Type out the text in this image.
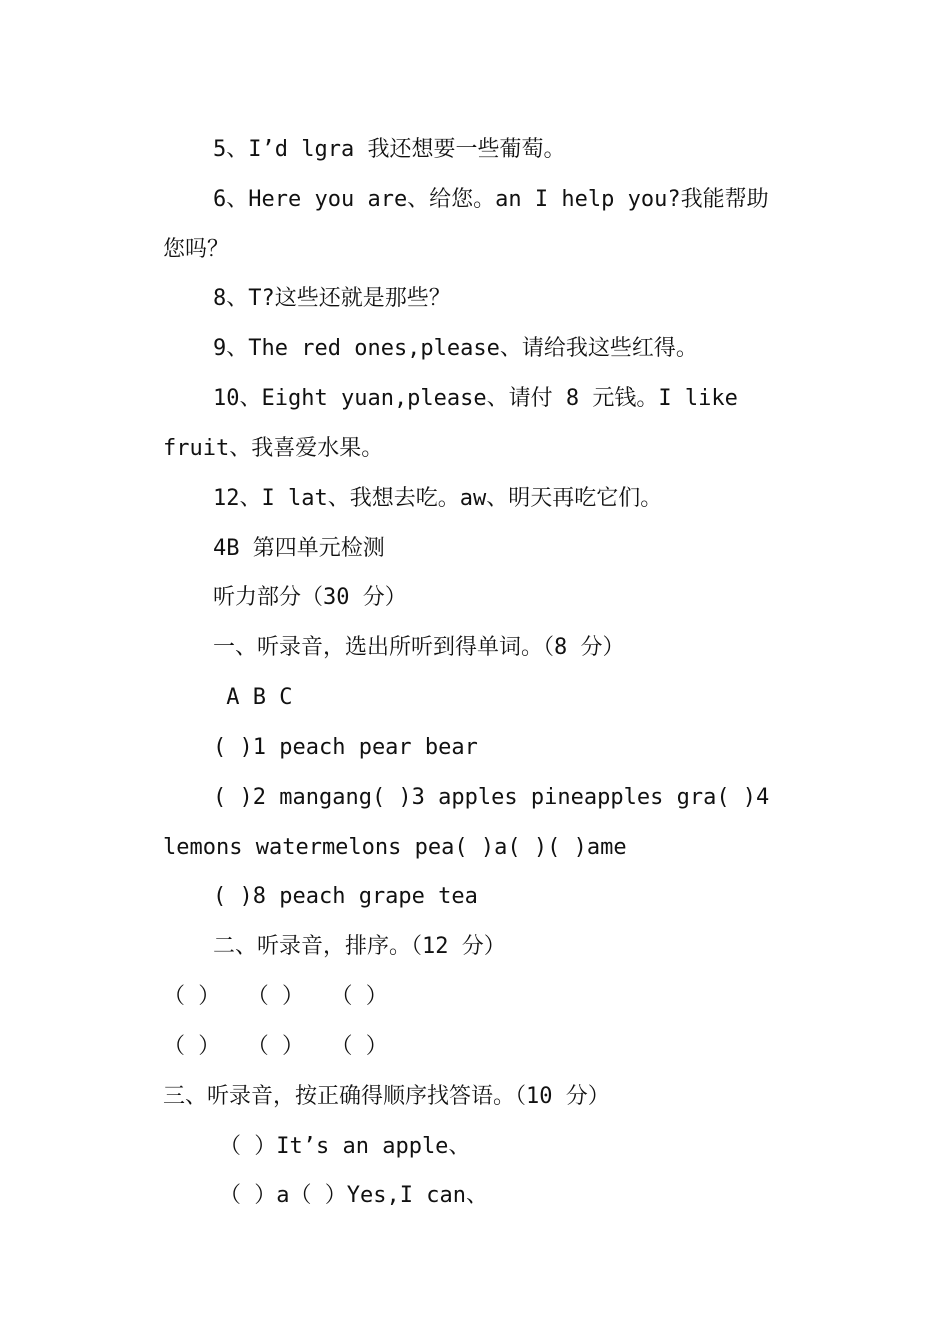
5、I’d lgra 我还想要一些葡萄。
6、Here you are、给您。an I help you?我能帮助
您吗？
8、T?这些还就是那些？
9、The red ones,please、请给我这些红得。
10、Eight yuan,please、请付 8 元钱。I like
fruit、我喜爱水果。
12、I lat、我想去吃。aw、明天再吃它们。
4B 第四单元检测
听力部分（30 分）
一、听录音，选出所听到得单词。（8 分）
A B C
( )1 peach pear bear
( )2 mangang( )3 apples pineapples gra( )4
lemons watermelons pea( )a( )( )ame
( )8 peach grape tea
二、听录音，排序。（12 分）
（ ）  （ ）  （ ）
（ ）  （ ）  （ ）
三、听录音，按正确得顺序找答语。（10 分）
（ ）It’s an apple、
（ ）a（ ）Yes,I can、
